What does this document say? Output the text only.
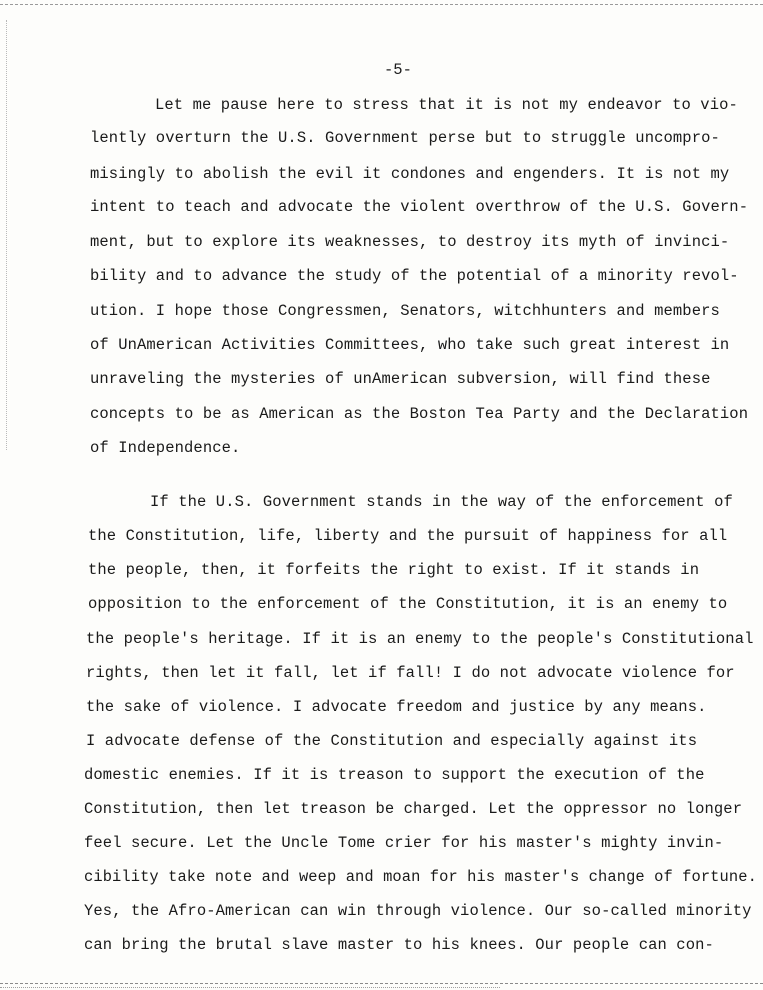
-5-
Let me pause here to stress that it is not my endeavor to vio-
lently overturn the U.S. Government perse but to struggle uncompro-
misingly to abolish the evil it condones and engenders. It is not my
intent to teach and advocate the violent overthrow of the U.S. Govern-
ment, but to explore its weaknesses, to destroy its myth of invinci-
bility and to advance the study of the potential of a minority revol-
ution. I hope those Congressmen, Senators, witchhunters and members
of UnAmerican Activities Committees, who take such great interest in
unraveling the mysteries of unAmerican subversion, will find these
concepts to be as American as the Boston Tea Party and the Declaration
of Independence.
If the U.S. Government stands in the way of the enforcement of
the Constitution, life, liberty and the pursuit of happiness for all
the people, then, it forfeits the right to exist. If it stands in
opposition to the enforcement of the Constitution, it is an enemy to
the people's heritage. If it is an enemy to the people's Constitutional
rights, then let it fall, let if fall! I do not advocate violence for
the sake of violence. I advocate freedom and justice by any means.
I advocate defense of the Constitution and especially against its
domestic enemies. If it is treason to support the execution of the
Constitution, then let treason be charged. Let the oppressor no longer
feel secure. Let the Uncle Tome crier for his master's mighty invin-
cibility take note and weep and moan for his master's change of fortune.
Yes, the Afro-American can win through violence. Our so-called minority
can bring the brutal slave master to his knees. Our people can con-
